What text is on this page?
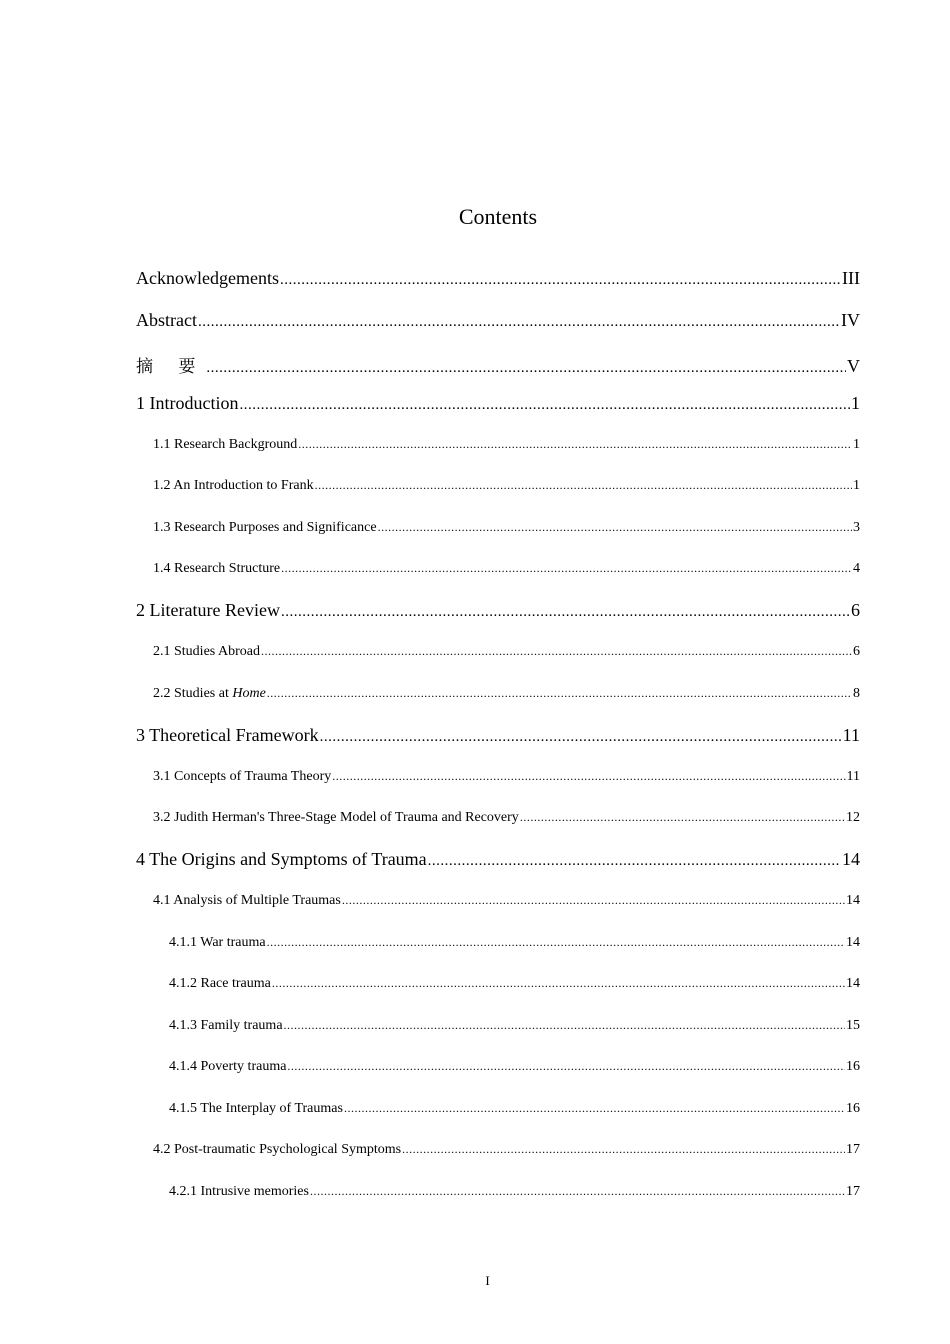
Contents
Acknowledgements .....	III
Abstract .....	IV
摘 要 .....	V
1 Introduction .....	1
1.1 Research Background .....	1
1.2 An Introduction to Frank .....	1
1.3 Research Purposes and Significance .....	3
1.4 Research Structure .....	4
2 Literature Review .....	6
2.1 Studies Abroad .....	6
2.2 Studies at Home .....	8
3 Theoretical Framework .....	11
3.1 Concepts of Trauma Theory .....	11
3.2 Judith Herman's Three-Stage Model of Trauma and Recovery .....	12
4 The Origins and Symptoms of Trauma .....	14
4.1 Analysis of Multiple Traumas .....	14
4.1.1 War trauma .....	14
4.1.2 Race trauma .....	14
4.1.3 Family trauma .....	15
4.1.4 Poverty trauma .....	16
4.1.5 The Interplay of Traumas .....	16
4.2 Post-traumatic Psychological Symptoms .....	17
4.2.1 Intrusive memories .....	17
I
